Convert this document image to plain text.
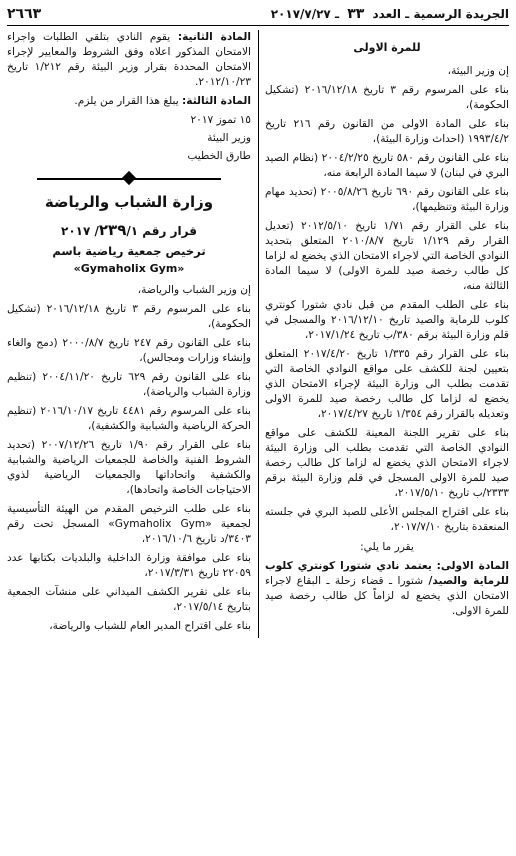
الجريدة الرسمية ـ العدد ٣٣ ـ ٢٠١٧/٧/٢٧
٢٦٦٣
للمرة الاولى

إن وزير البيئة،

بناء على المرسوم رقم ٣ تاريخ ٢٠١٦/١٢/١٨ (تشكيل الحكومة)،

بناء على المادة الاولى من القانون رقم ٢١٦ تاريخ ١٩٩٣/٤/٢ (احداث وزارة البيئة)،

بناء على القانون رقم ٥٨٠ تاريخ ٢٠٠٤/٢/٢٥ (نظام الصيد البري في لبنان) لا سيما المادة الرابعة منه،

بناء على القانون رقم ٦٩٠ تاريخ ٢٠٠٥/٨/٢٦ (تحديد مهام وزارة البيئة وتنظيمها)،

بناء على القرار رقم ١/٧١ تاريخ ٢٠١٢/٥/١٠ (تعديل القرار رقم ١/١٢٩ تاريخ ٢٠١٠/٨/٧ المتعلق بتحديد النوادي الخاصة التي لاجراء الامتحان الذي يخضع له لزاما كل طالب رخصة صيد للمرة الاولى) لا سيما المادة الثالثة منه،

بناء على الطلب المقدم من قبل نادي شتورا كونتري كلوب للرماية والصيد تاريخ ٢٠١٦/١٢/١٠ والمسجل في قلم وزارة البيئة برقم ٣٨٠/ب تاريخ ٢٠١٧/١/٢٤،

بناء على القرار رقم ١/٣٣٥ تاريخ ٢٠١٧/٤/٢٠ المتعلق بتعيين لجنة للكشف على مواقع النوادي الخاصة التي تقدمت بطلب الى وزارة البيئة لإجراء الامتحان الذي يخضع له لزاما كل طالب رخصة صيد للمرة الاولى وتعديله بالقرار رقم ١/٣٥٤ تاريخ ٢٠١٧/٤/٢٧،

بناء على تقرير اللجنة المعينة للكشف على مواقع النوادي الخاصة التي تقدمت بطلب الى وزارة البيئة لاجراء الامتحان الذي يخضع له لزاما كل طالب رخصة صيد للمرة الاولى المسجل في قلم وزارة البيئة برقم ٢٣٣٣/ب تاريخ ٢٠١٧/٥/١٠،

بناء على اقتراح المجلس الأعلى للصيد البري في جلسته المنعقدة بتاريخ ٢٠١٧/٧/١٠،

يقرر ما يلي:

المادة الاولى: يعتمد نادي شتورا كونتري كلوب للرماية والصيد/ شتورا ـ قضاء زحلة ـ البقاع لاجراء الامتحان الذي يخضع له لزاماً كل طالب رخصة صيد للمرة الاولى.

المادة الثانية: يقوم النادي بتلقي الطلبات واجراء الامتحان المذكور اعلاه وفق الشروط والمعايير لإجراء الامتحان المحددة بقرار وزير البيئة رقم ١/٢١٢ تاريخ ٢٠١٢/١٠/٢٣.

المادة الثالثة: يبلغ هذا القرار من يلزم.

١٥ تموز ٢٠١٧
وزير البيئة
طارق الخطيب
وزارة الشباب والرياضة
قرار رقم ٢٣٩/١/ ٢٠١٧
ترخيص جمعية رياضية باسم
«Gymaholix Gym»

إن وزير الشباب والرياضة،

بناء على المرسوم رقم ٣ تاريخ ٢٠١٦/١٢/١٨ (تشكيل الحكومة)،

بناء على القانون رقم ٢٤٧ تاريخ ٢٠٠٠/٨/٧ (دمج والغاء وإنشاء وزارات ومجالس)،

بناء على القانون رقم ٦٢٩ تاريخ ٢٠٠٤/١١/٢٠ (تنظيم وزارة الشباب والرياضة)،

بناء على المرسوم رقم ٤٤٨١ تاريخ ٢٠١٦/١٠/١٧ (تنظيم الحركة الرياضية والشبابية والكشفية)،

بناء على القرار رقم ١/٩٠ تاريخ ٢٠٠٧/١٢/٢٦ (تحديد الشروط الفنية والخاصة للجمعيات الرياضية والشبابية والكشفية واتحاداتها والجمعيات الرياضية لذوي الاحتياجات الخاصة واتحادها)،

بناء على طلب الترخيص المقدم من الهيئة التأسيسية لجمعية «Gymaholix Gym» المسجل تحت رقم ٣٤٠٣/د تاريخ ٢٠١٦/١٠/٦،

بناء على موافقة وزارة الداخلية والبلديات بكتابها عدد ٢٢٠٥٩ تاريخ ٢٠١٧/٣/٣١،

بناء على تقرير الكشف الميداني على منشآت الجمعية بتاريخ ٢٠١٧/٥/١٤،

بناء على اقتراح المدير العام للشباب والرياضة،
